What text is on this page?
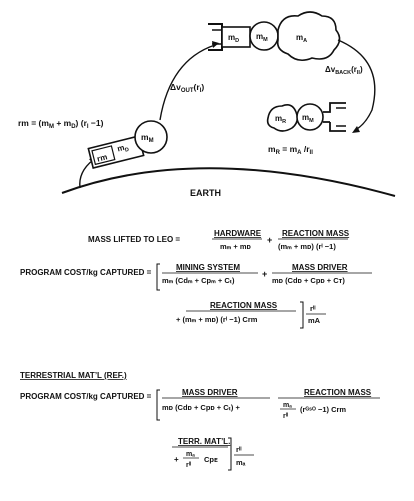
EARTH
rm = $(m_M + m_D)$ $(r_I -1)$
rm
$m_D$
$m_M$
$\Delta v_{OUT}(r_I)$
$m_D$ $m_M$	$m_A$
$\Delta v_{BACK}(r_{II})$
$m_R$ $m_M$
$m_R = m_A$ $/r_{II}$
MASS LIFTED TO LEO =
HARDWARE
mₘ + mᴅ
+
REACTION MASS
(mₘ + mᴅ) (rᴵ −1)
PROGRAM COST/kg CAPTURED =
MINING SYSTEM
mₘ (Cdₘ + Cpₘ + Cₜ)
+
MASS DRIVER
mᴅ (Cdᴅ + Cpᴅ + Cᴛ)
REACTION MASS
+ (mₘ + mᴅ) (rᴵ −1) Crm
rᴵᴵ
mA
TERRESTRIAL MAT’L (REF.)
PROGRAM COST/kg CAPTURED =	MASS DRIVER
mᴅ (Cdᴅ + Cpᴅ + Cₜ) +
REACTION MASS
mₐ
rᴵᴵ
(rᴳˢᴼ −1) Crm
TERR. MAT’L.
+
mₐ
rᴵᴵ
Cpᴇ
rᴵᴵ
mₐ
